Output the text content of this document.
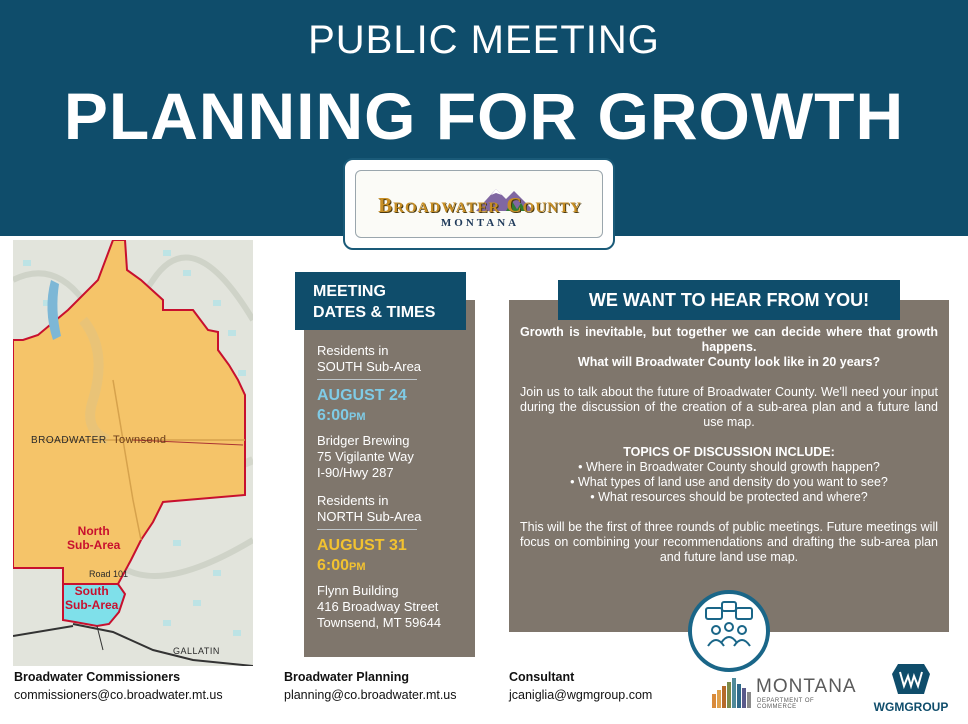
PUBLIC MEETING
PLANNING FOR GROWTH
Broadwater County
MONTANA
BROADWATER Townsend
North
Sub-Area
South
Sub-Area
Road 101
GALLATIN
MEETING
DATES & TIMES
Residents in
SOUTH Sub-Area
AUGUST 24
6:00PM
Bridger Brewing
75 Vigilante Way
I-90/Hwy 287
Residents in
NORTH Sub-Area
AUGUST 31
6:00PM
Flynn Building
416 Broadway Street
Townsend, MT 59644
WE WANT TO HEAR FROM YOU!
Growth is inevitable, but together we can decide where that growth happens.
What will Broadwater County look like in 20 years?
Join us to talk about the future of Broadwater County. We'll need your input during the discussion of the creation of a sub-area plan and a future land use map.
TOPICS OF DISCUSSION INCLUDE:
• Where in Broadwater County should growth happen?
• What types of land use and density do you want to see?
• What resources should be protected and where?
This will be the first of three rounds of public meetings. Future meetings will focus on combining your recommendations and drafting the sub-area plan and future land use map.
Broadwater Commissioners
commissioners@co.broadwater.mt.us
Broadwater Planning
planning@co.broadwater.mt.us
Consultant
jcaniglia@wgmgroup.com	MONTANA
DEPARTMENT OF COMMERCE	WGMGROUP
